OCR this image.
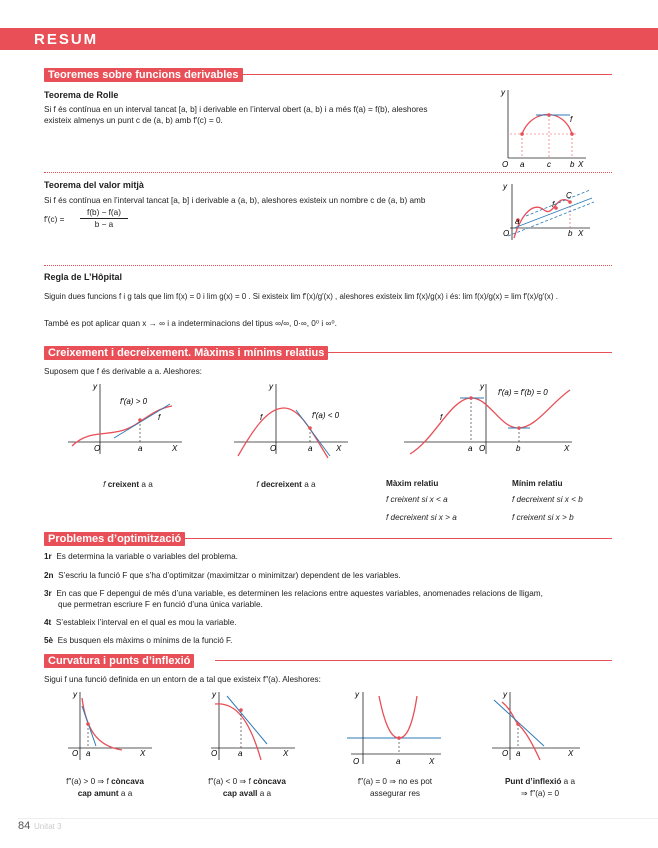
RESUM
Teoremes sobre funcions derivables
Teorema de Rolle
Si f és contínua en un interval tancat [a, b] i derivable en l’interval obert (a, b) i a més f(a) = f(b), aleshores
existeix almenys un punt c de (a, b) amb f′(c) = 0.
y
f
O a	c b X
Teorema del valor mitjà
Si f és contínua en l’interval tancat [a, b] i derivable a (a, b), aleshores existeix un nombre c de (a, b) amb
f′(c) =
f(b) − f(a)
b − a
y
f
C
O
a
b X
Regla de L’Hôpital
Siguin dues funcions f i g tals que lim f(x) = 0 i lim g(x) = 0 . Si existeix lim f′(x)/g′(x) , aleshores existeix lim f(x)/g(x) i és: lim f(x)/g(x) = lim f′(x)/g′(x) .
També es pot aplicar quan x → ∞ i a indeterminacions del tipus ∞/∞, 0·∞, 0⁰ i ∞⁰.
Creixement i decreixement. Màxims i mínims relatius
Suposem que f és derivable a a. Aleshores:
y
f′(a) > 0
f
O	a	X
f creixent a a
y
f′(a) < 0
f
O	a	X
f decreixent a a
y
f′(a) = f′(b) = 0
f
a O	b	X
Màxim relatiu
f creixent si x < a
f decreixent si x > a
Mínim relatiu
f decreixent si x < b
f creixent si x > b
Problemes d’optimització
1r Es determina la variable o variables del problema.
2n S’escriu la funció F que s’ha d’optimitzar (maximitzar o minimitzar) dependent de les variables.
3r En cas que F depengui de més d’una variable, es determinen les relacions entre aquestes variables, anomenades relacions de lligam,
que permetran escriure F en funció d’una única variable.
4t S’estableix l’interval en el qual es mou la variable.
5è Es busquen els màxims o mínims de la funció F.
Curvatura i punts d’inflexió
Sigui f una funció definida en un entorn de a tal que existeix f″(a). Aleshores:
y
O a	X
f″(a) > 0 ⇒ f còncava
cap amunt a a
y
O	a	X
f″(a) < 0 ⇒ f còncava
cap avall a a
y
O	a	X
f″(a) = 0 ⇒ no es pot
assegurar res
y
O a	X
Punt d’inflexió a a
⇒ f″(a) = 0
84 Unitat 3
